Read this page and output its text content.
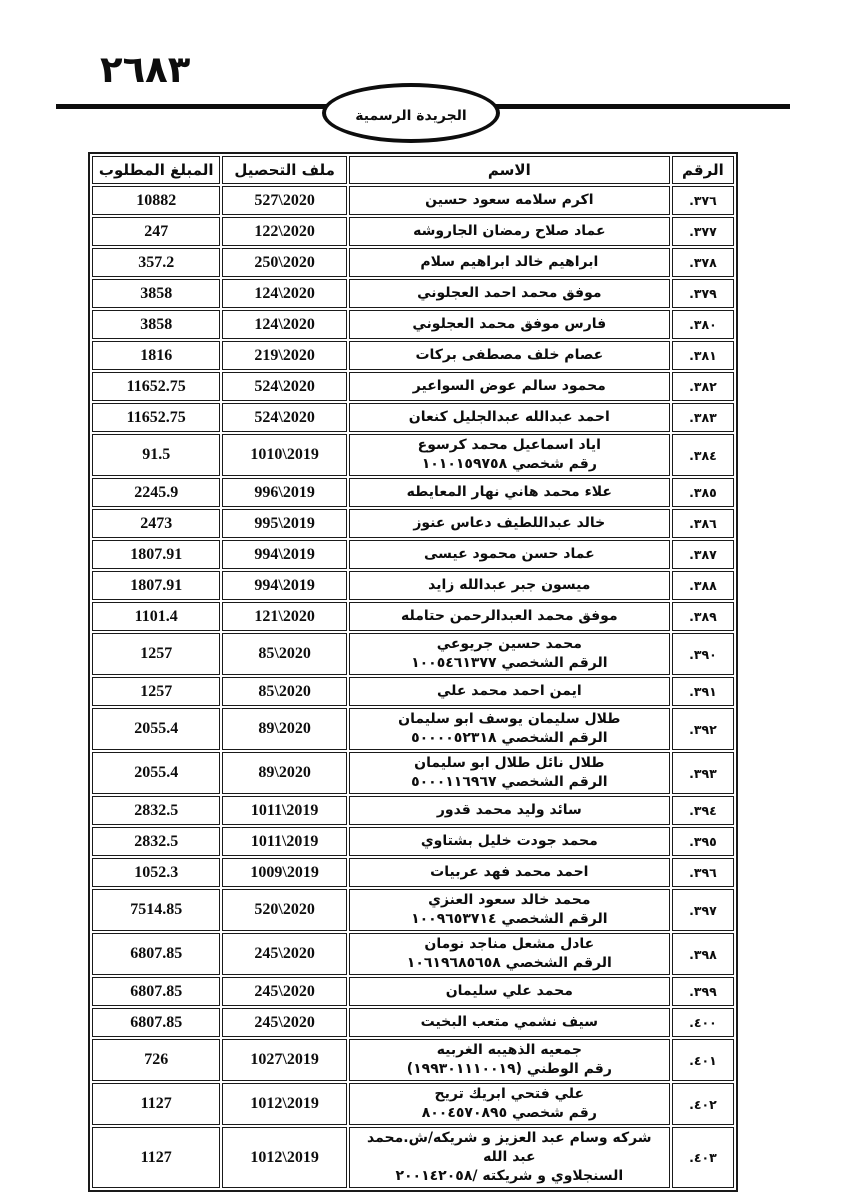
٢٦٨٣
الجريدة الرسمية
الرقم	الاسم	ملف التحصيل	المبلغ المطلوب
٣٧٦.	اكرم سلامه سعود حسين	527\2020	10882
٣٧٧.	عماد صلاح رمضان الجاروشه	122\2020	247
٣٧٨.	ابراهيم خالد ابراهيم سلام	250\2020	357.2
٣٧٩.	موفق محمد احمد العجلوني	124\2020	3858
٣٨٠.	فارس موفق محمد العجلوني	124\2020	3858
٣٨١.	عصام خلف مصطفى بركات	219\2020	1816
٣٨٢.	محمود سالم عوض السواعير	524\2020	11652.75
٣٨٣.	احمد عبدالله عبدالجليل كنعان	524\2020	11652.75
٣٨٤.	اياد اسماعيل محمد كرسوع
رقم شخصي ١٠١٠١٥٩٧٥٨	1010\2019	91.5
٣٨٥.	علاء محمد هاني نهار المعايطه	996\2019	2245.9
٣٨٦.	خالد عبداللطيف دعاس عنوز	995\2019	2473
٣٨٧.	عماد حسن محمود عيسى	994\2019	1807.91
٣٨٨.	ميسون جبر عبدالله زايد	994\2019	1807.91
٣٨٩.	موفق محمد العبدالرحمن حتامله	121\2020	1101.4
٣٩٠.	محمد حسين جريوعي
الرقم الشخصي ١٠٠٥٤٦١٣٧٧	85\2020	1257
٣٩١.	ايمن احمد محمد علي	85\2020	1257
٣٩٢.	طلال سليمان يوسف ابو سليمان
الرقم الشخصي ٥٠٠٠٠٥٢٣١٨	89\2020	2055.4
٣٩٣.	طلال نائل طلال ابو سليمان
الرقم الشخصي ٥٠٠٠١١٦٩٦٧	89\2020	2055.4
٣٩٤.	سائد وليد محمد قدور	1011\2019	2832.5
٣٩٥.	محمد جودت خليل بشتاوي	1011\2019	2832.5
٣٩٦.	احمد محمد فهد عربيات	1009\2019	1052.3
٣٩٧.	محمد خالد سعود العنزي
الرقم الشخصي ١٠٠٩٦٥٣٧١٤	520\2020	7514.85
٣٩٨.	عادل مشعل مناجد نومان
الرقم الشخصي ١٠٦١٩٦٨٥٦٥٨	245\2020	6807.85
٣٩٩.	محمد علي سليمان	245\2020	6807.85
٤٠٠.	سيف نشمي متعب البخيت	245\2020	6807.85
٤٠١.	جمعيه الذهيبه الغربيه
رقم الوطني (١٩٩٣٠١١١٠٠١٩)	1027\2019	726
٤٠٢.	علي فتحي ابريك تريح
رقم شخصي ٨٠٠٤٥٧٠٨٩٥	1012\2019	1127
٤٠٣.	شركه وسام عبد العزيز و شريكه/ش.محمد عبد الله
السنجلاوي و شريكته /٢٠٠١٤٢٠٥٨	1012\2019	1127
